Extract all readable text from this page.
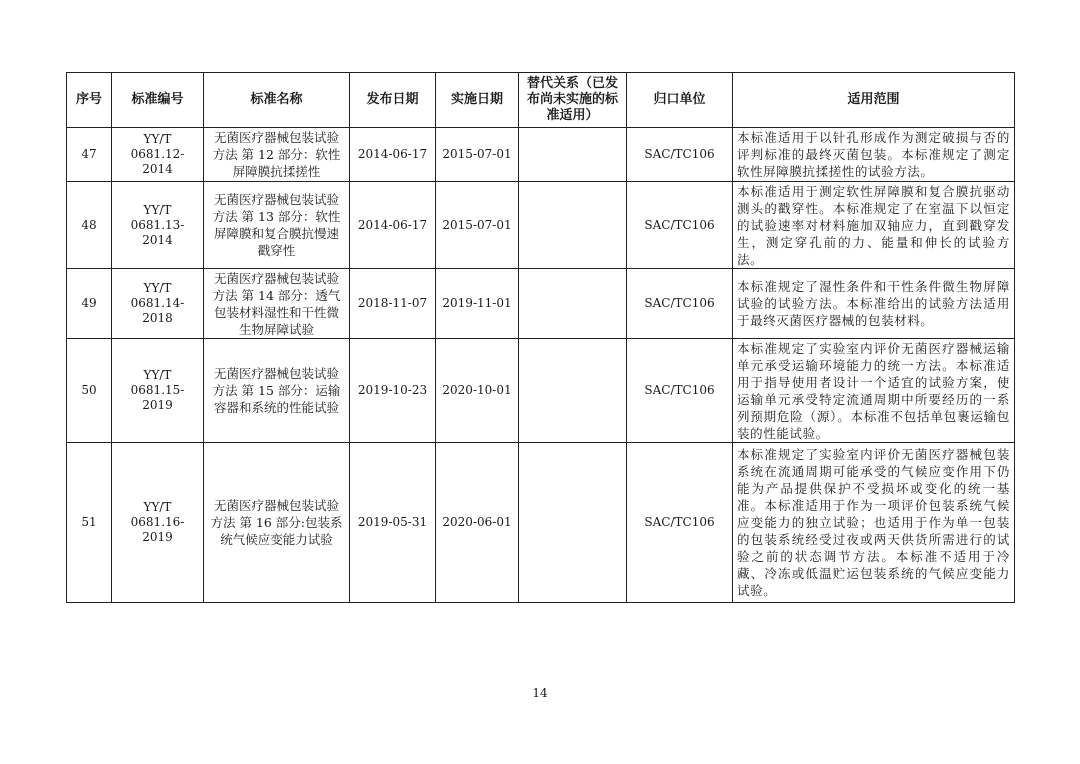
序号	标准编号	标准名称	发布日期	实施日期	替代关系（已发布尚未实施的标准适用）	归口单位	适用范围
47	YY/T 0681.12-2014	无菌医疗器械包装试验方法 第 12 部分：软性屏障膜抗揉搓性	2014-06-17	2015-07-01		SAC/TC106	本标准适用于以针孔形成作为测定破损与否的评判标准的最终灭菌包装。本标准规定了测定软性屏障膜抗揉搓性的试验方法。
48	YY/T 0681.13-2014	无菌医疗器械包装试验方法 第 13 部分：软性屏障膜和复合膜抗慢速戳穿性	2014-06-17	2015-07-01		SAC/TC106	本标准适用于测定软性屏障膜和复合膜抗驱动测头的戳穿性。本标准规定了在室温下以恒定的试验速率对材料施加双轴应力，直到戳穿发生，测定穿孔前的力、能量和伸长的试验方法。
49	YY/T 0681.14-2018	无菌医疗器械包装试验方法 第 14 部分：透气包装材料湿性和干性微生物屏障试验	2018-11-07	2019-11-01		SAC/TC106	本标准规定了湿性条件和干性条件微生物屏障试验的试验方法。本标准给出的试验方法适用于最终灭菌医疗器械的包装材料。
50	YY/T 0681.15-2019	无菌医疗器械包装试验方法 第 15 部分：运输容器和系统的性能试验	2019-10-23	2020-10-01		SAC/TC106	本标准规定了实验室内评价无菌医疗器械运输单元承受运输环境能力的统一方法。本标准适用于指导使用者设计一个适宜的试验方案，使运输单元承受特定流通周期中所要经历的一系列预期危险（源）。本标准不包括单包裹运输包装的性能试验。
51	YY/T 0681.16-2019	无菌医疗器械包装试验方法 第 16 部分:包装系统气候应变能力试验	2019-05-31	2020-06-01		SAC/TC106	本标准规定了实验室内评价无菌医疗器械包装系统在流通周期可能承受的气候应变作用下仍能为产品提供保护不受损坏或变化的统一基准。本标准适用于作为一项评价包装系统气候应变能力的独立试验；也适用于作为单一包装的包装系统经受过夜或两天供货所需进行的试验之前的状态调节方法。本标准不适用于冷藏、冷冻或低温贮运包装系统的气候应变能力试验。
14
